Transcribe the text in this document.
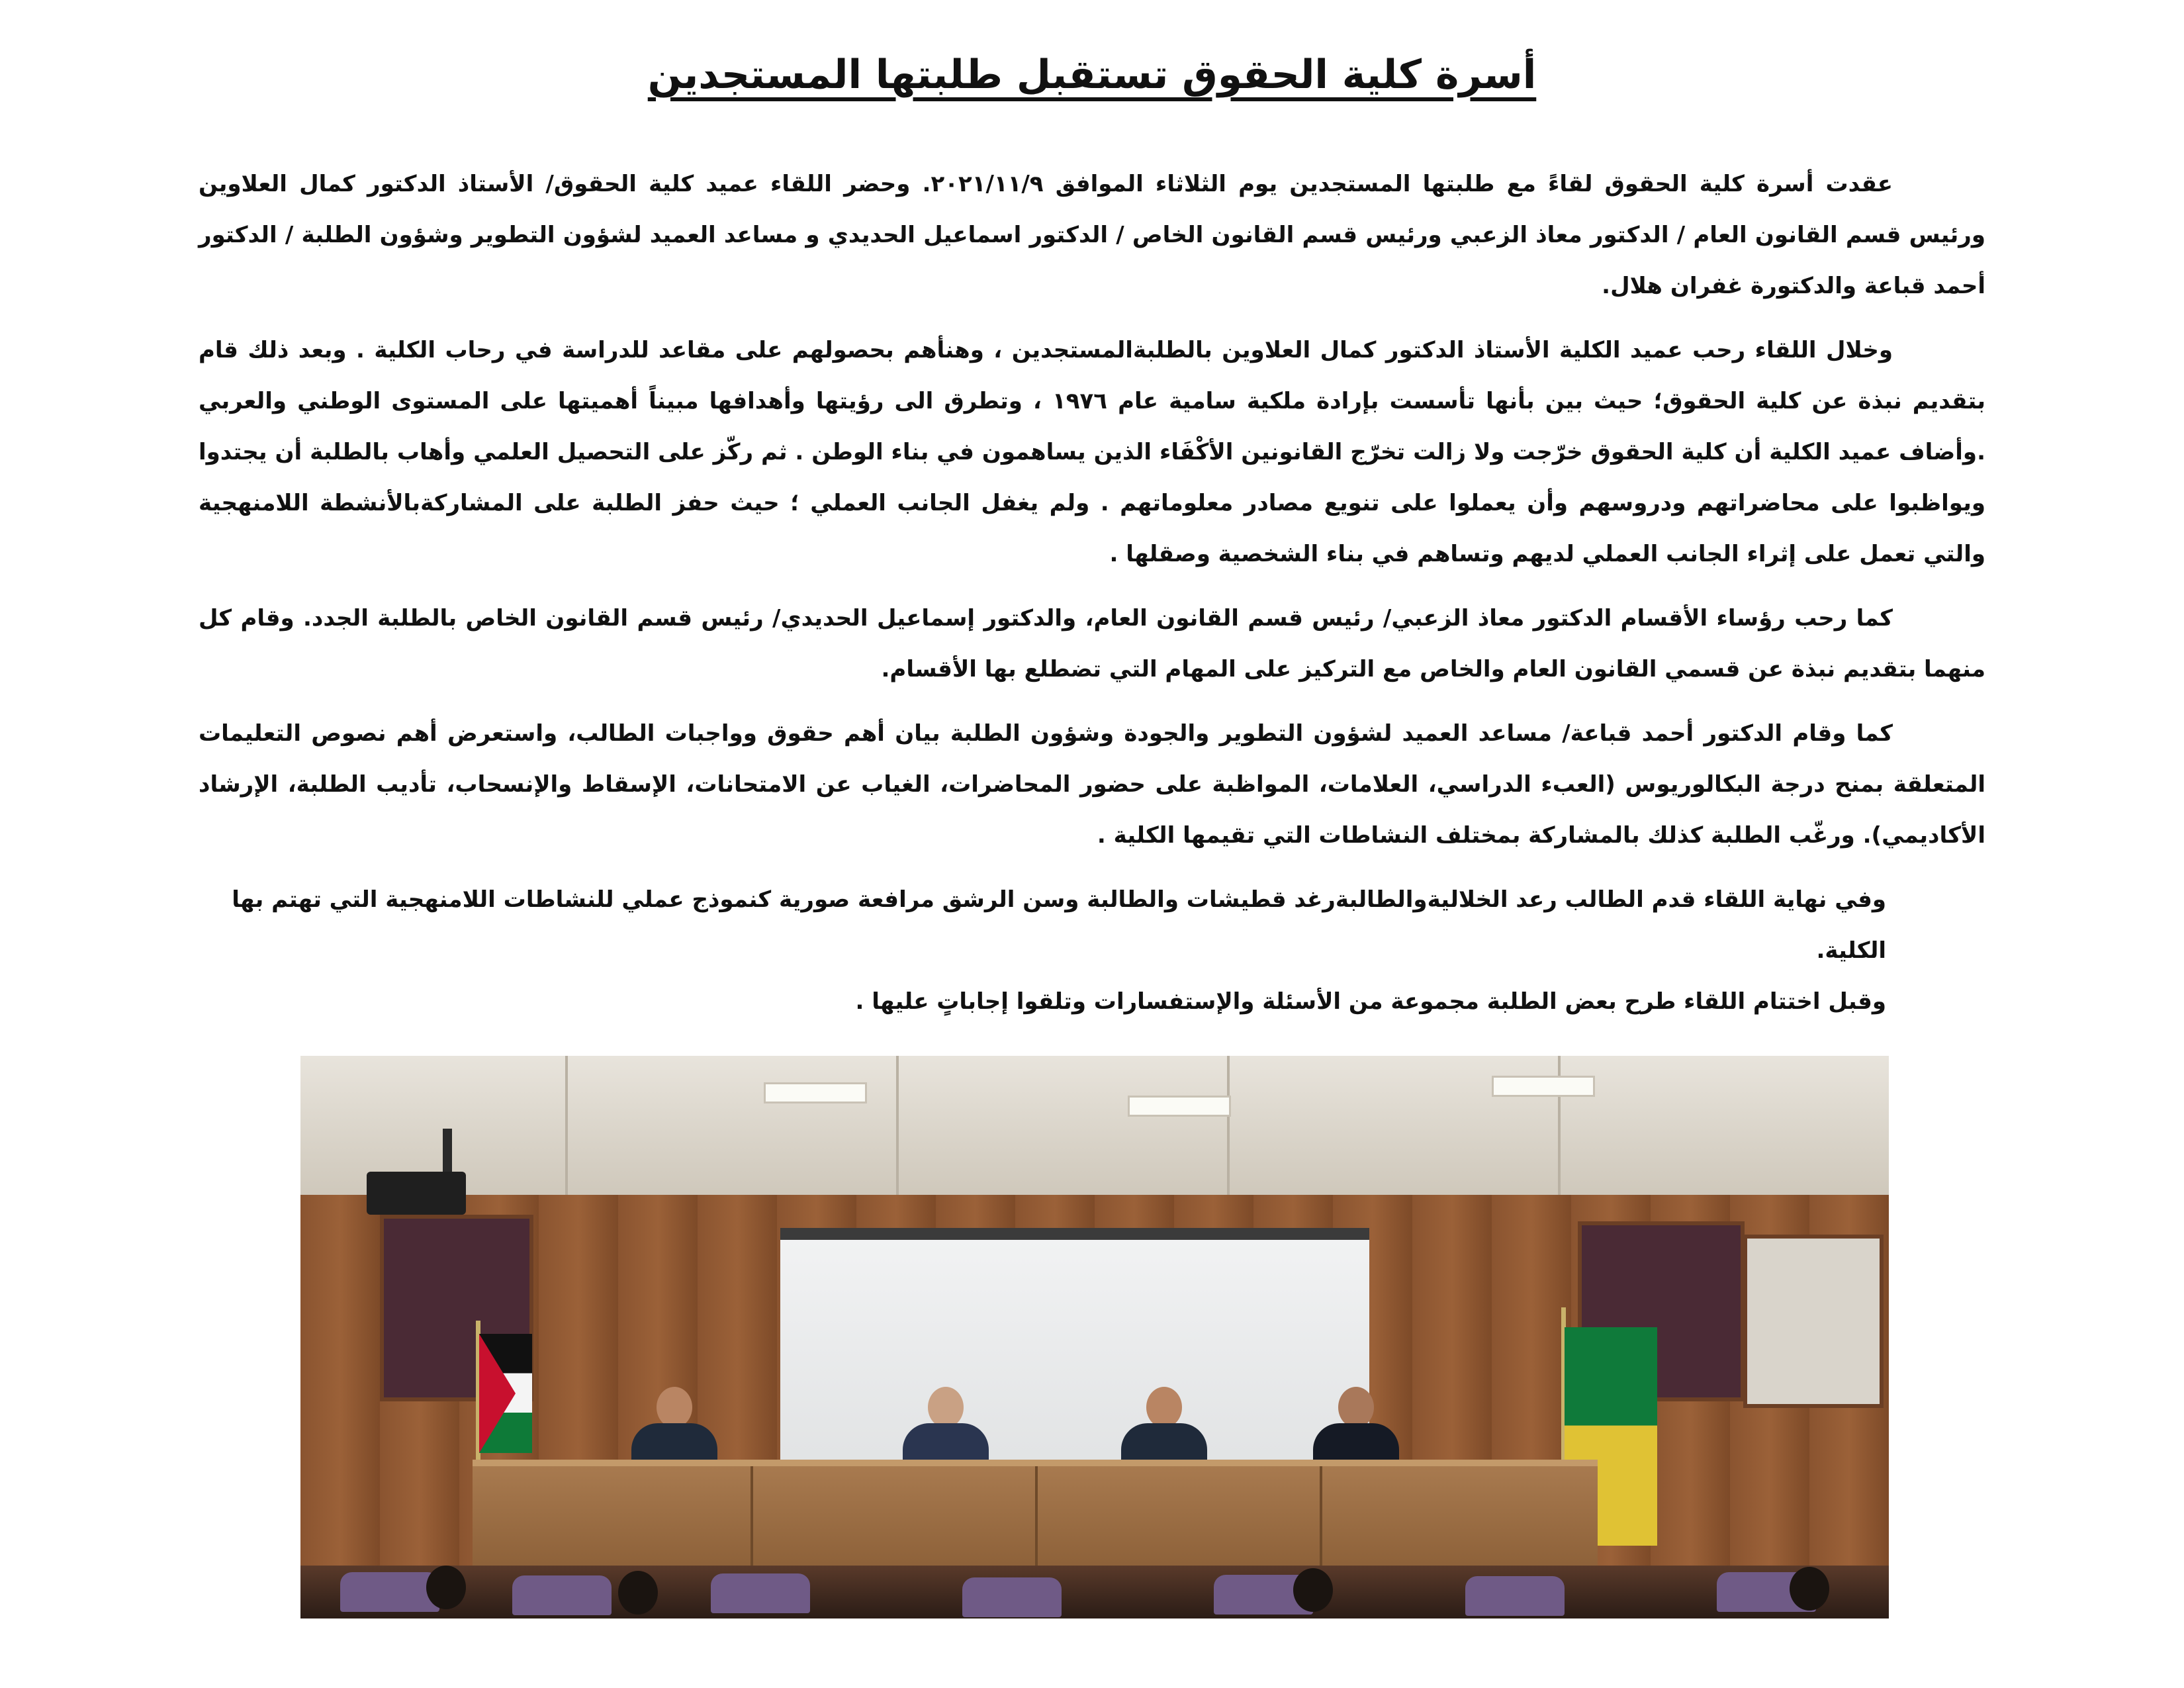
أسرة كلية الحقوق تستقبل طلبتها المستجدين

عقدت أسرة كلية الحقوق لقاءً مع طلبتها المستجدين يوم الثلاثاء الموافق ٢٠٢١/١١/٩. وحضر اللقاء عميد كلية الحقوق/ الأستاذ الدكتور كمال العلاوين ورئيس قسم القانون العام / الدكتور معاذ الزعبي ورئيس قسم القانون الخاص / الدكتور اسماعيل الحديدي و مساعد العميد لشؤون التطوير وشؤون الطلبة / الدكتور أحمد قباعة والدكتورة غفران هلال.

وخلال اللقاء رحب عميد الكلية الأستاذ الدكتور كمال العلاوين بالطلبةالمستجدين ، وهنأهم بحصولهم على مقاعد للدراسة في رحاب الكلية . وبعد ذلك قام بتقديم نبذة عن كلية الحقوق؛ حيث بين بأنها تأسست بإرادة ملكية سامية عام ١٩٧٦ ، وتطرق الى رؤيتها وأهدافها مبيناً أهميتها على المستوى الوطني والعربي .وأضاف عميد الكلية أن كلية الحقوق خرّجت ولا زالت تخرّج القانونين الأكْفَاء الذين يساهمون في بناء الوطن . ثم ركّز على التحصيل العلمي وأهاب بالطلبة أن يجتدوا ويواظبوا على محاضراتهم ودروسهم وأن يعملوا على تنويع مصادر معلوماتهم . ولم يغفل الجانب العملي ؛ حيث حفز الطلبة على المشاركةبالأنشطة اللامنهجية والتي تعمل على إثراء الجانب العملي لديهم وتساهم في بناء الشخصية وصقلها .

كما رحب رؤساء الأقسام الدكتور معاذ الزعبي/ رئيس قسم القانون العام، والدكتور إسماعيل الحديدي/ رئيس قسم القانون الخاص بالطلبة الجدد. وقام كل منهما بتقديم نبذة عن قسمي القانون العام والخاص مع التركيز على المهام التي تضطلع بها الأقسام.

كما وقام الدكتور أحمد قباعة/ مساعد العميد لشؤون التطوير والجودة وشؤون الطلبة بيان أهم حقوق وواجبات الطالب، واستعرض أهم نصوص التعليمات المتعلقة بمنح درجة البكالوريوس (العبء الدراسي، العلامات، المواظبة على حضور المحاضرات، الغياب عن الامتحانات، الإسقاط والإنسحاب، تأديب الطلبة، الإرشاد الأكاديمي). ورغّب الطلبة كذلك بالمشاركة بمختلف النشاطات التي تقيمها الكلية .

وفي نهاية اللقاء قدم الطالب رعد الخلاليةوالطالبةرغد قطيشات والطالبة وسن الرشق مرافعة صورية كنموذج عملي للنشاطات اللامنهجية التي تهتم بها الكلية.

وقبل اختتام اللقاء طرح بعض الطلبة مجموعة من الأسئلة والإستفسارات وتلقوا إجاباتٍ عليها .
